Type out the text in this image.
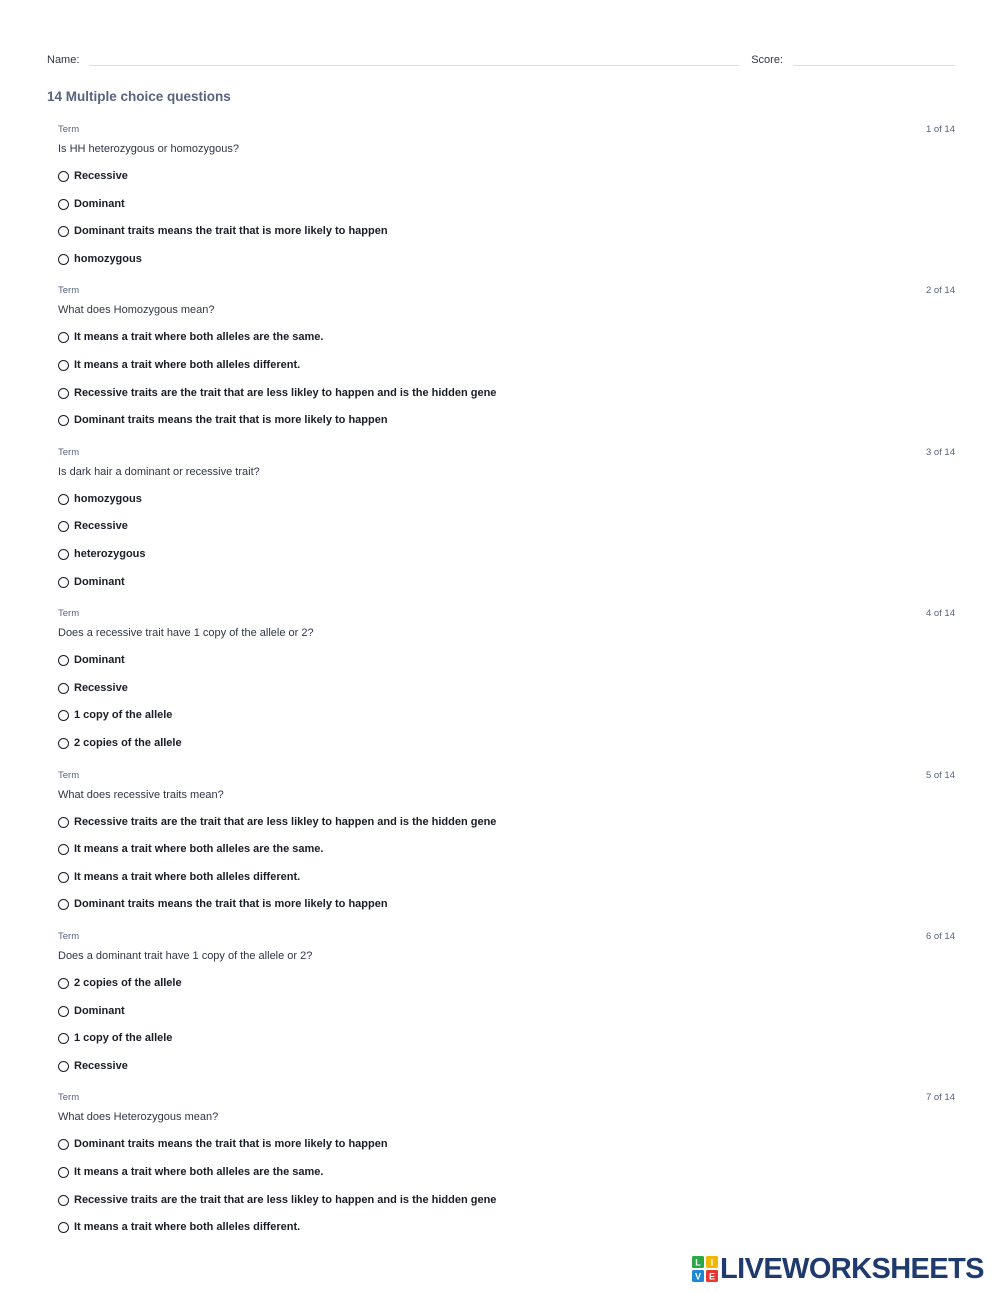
Name:	Score:
14 Multiple choice questions
Term	1 of 14
Is HH heterozygous or homozygous?
Recessive
Dominant
Dominant traits means the trait that is more likely to happen
homozygous
Term	2 of 14
What does Homozygous mean?
It means a trait where both alleles are the same.
It means a trait where both alleles different.
Recessive traits are the trait that are less likley to happen and is the hidden gene
Dominant traits means the trait that is more likely to happen
Term	3 of 14
Is dark hair a dominant or recessive trait?
homozygous
Recessive
heterozygous
Dominant
Term	4 of 14
Does a recessive trait have 1 copy of the allele or 2?
Dominant
Recessive
1 copy of the allele
2 copies of the allele
Term	5 of 14
What does recessive traits mean?
Recessive traits are the trait that are less likley to happen and is the hidden gene
It means a trait where both alleles are the same.
It means a trait where both alleles different.
Dominant traits means the trait that is more likely to happen
Term	6 of 14
Does a dominant trait have 1 copy of the allele or 2?
2 copies of the allele
Dominant
1 copy of the allele
Recessive
Term	7 of 14
What does Heterozygous mean?
Dominant traits means the trait that is more likely to happen
It means a trait where both alleles are the same.
Recessive traits are the trait that are less likley to happen and is the hidden gene
It means a trait where both alleles different.
L I
V E LIVEWORKSHEETS
